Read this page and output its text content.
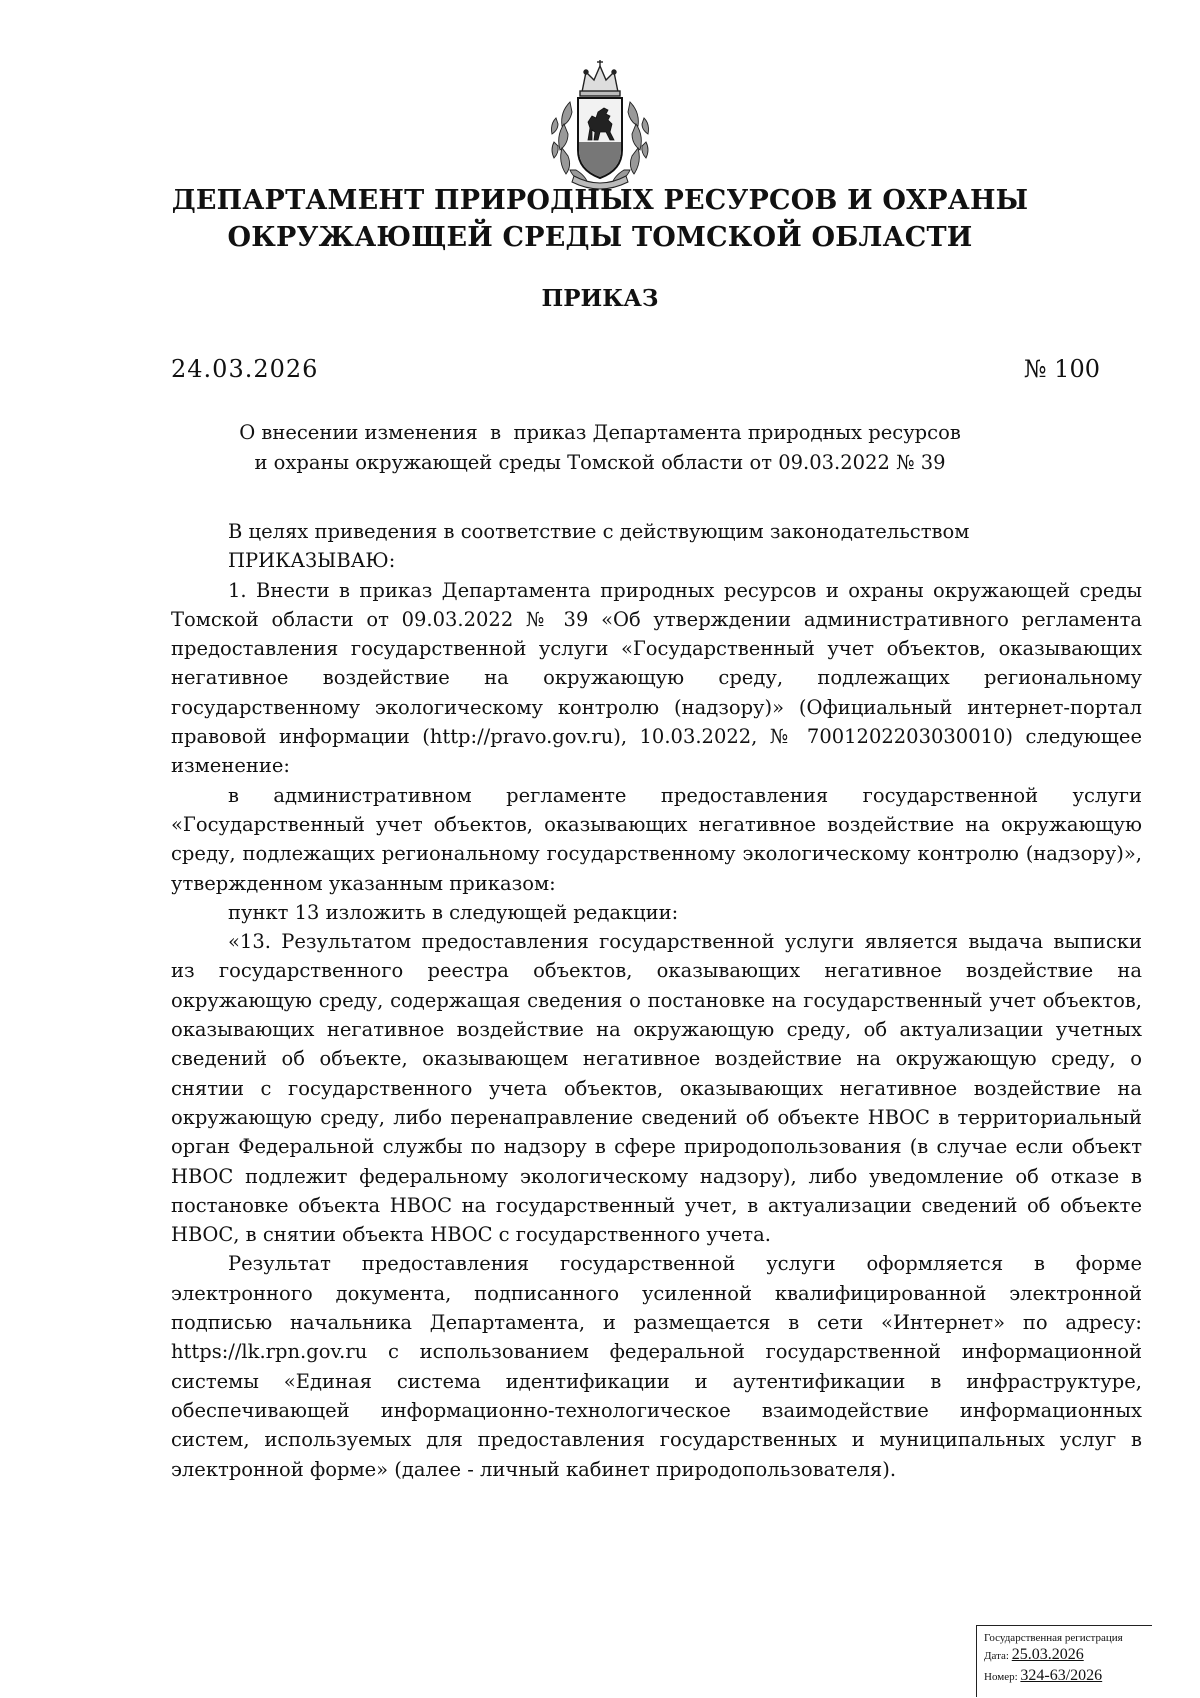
ДЕПАРТАМЕНТ ПРИРОДНЫХ РЕСУРСОВ И ОХРАНЫ
ОКРУЖАЮЩЕЙ СРЕДЫ ТОМСКОЙ ОБЛАСТИ
ПРИКАЗ
24.03.2026	№ 100
О внесении изменения  в  приказ Департамента природных ресурсов
и охраны окружающей среды Томской области от 09.03.2022 № 39

В целях приведения в соответствие с действующим законодательством

ПРИКАЗЫВАЮ:

1. Внести в приказ Департамента природных ресурсов и охраны окружающей среды Томской области от 09.03.2022 № 39 «Об утверждении административного регламента предоставления государственной услуги «Государственный учет объектов, оказывающих негативное воздействие на окружающую среду, подлежащих региональному государственному экологическому контролю (надзору)» (Официальный интернет-портал правовой информации (http://pravo.gov.ru), 10.03.2022, № 7001202203030010) следующее изменение:

в административном регламенте предоставления государственной услуги «Государственный учет объектов, оказывающих негативное воздействие на окружающую среду, подлежащих региональному государственному экологическому контролю (надзору)», утвержденном указанным приказом:

пункт 13 изложить в следующей редакции:

«13. Результатом предоставления государственной услуги является выдача выписки из государственного реестра объектов, оказывающих негативное воздействие на окружающую среду, содержащая сведения о постановке на государственный учет объектов, оказывающих негативное воздействие на окружающую среду, об актуализации учетных сведений об объекте, оказывающем негативное воздействие на окружающую среду, о снятии с государственного учета объектов, оказывающих негативное воздействие на окружающую среду, либо перенаправление сведений об объекте НВОС в территориальный орган Федеральной службы по надзору в сфере природопользования (в случае если объект НВОС подлежит федеральному экологическому надзору), либо уведомление об отказе в постановке объекта НВОС на государственный учет, в актуализации сведений об объекте НВОС, в снятии объекта НВОС с государственного учета.

Результат предоставления государственной услуги оформляется в форме электронного документа, подписанного усиленной квалифицированной электронной подписью начальника Департамента, и размещается в сети «Интернет» по адресу: https://lk.rpn.gov.ru с использованием федеральной государственной информационной системы «Единая система идентификации и аутентификации в инфраструктуре, обеспечивающей информационно-технологическое взаимодействие информационных систем, используемых для предоставления государственных и муниципальных услуг в электронной форме» (далее - личный кабинет природопользователя).

Государственная регистрация
Дата: 25.03.2026
Номер: 324-63/2026
